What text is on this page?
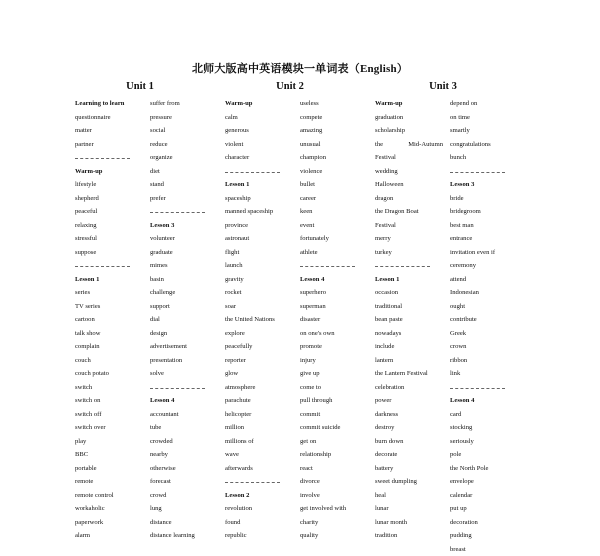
北师大版高中英语模块一单词表（English）
Unit 1	Unit 2	Unit 3
Learning to learn
questionnaire
matter
partner
Warm-up
lifestyle
shepherd
peaceful
relaxing
stressful
suppose
Lesson 1
series
TV series
cartoon
talk show
complain
couch
couch potato
switch
switch on
switch off
switch over
play
BBC
portable
remote
remote control
workaholic
paperwork
alarm
suffer from
pressure
social
reduce
organize
diet
stand
prefer
Lesson 3
volunteer
graduate
mimes
basin
challenge
support
dial
design
advertisement
presentation
solve
Lesson 4
accountant
tube
crowded
nearby
otherwise
forecast
crowd
lung
distance
distance learning
Warm-up
calm
generous
violent
character
Lesson 1
spaceship
manned spaceship
province
astronaut
flight
launch
gravity
rocket
soar
the United Nations
explore
peacefully
reporter
glow
atmosphere
parachute
helicopter
million
millions of
wave
afterwards
Lesson 2
revolution
found
republic
useless
compete
amazing
unusual
champion
violence
bullet
career
keen
event
fortunately
athlete
Lesson 4
superhero
superman
disaster
on one's own
promote
injury
give up
come to
pull through
commit
commit suicide
get on
relationship
react
divorce
involve
get involved with
charity
quality
Warm-up
graduation
scholarship
the	Mid-Autumn
Festival
wedding
Halloween
dragon
the Dragon Boat
Festival
merry
turkey
Lesson 1
occasion
traditional
bean paste
nowadays
include
lantern
the Lantern Festival
celebration
power
darkness
destroy
burn down
decorate
battery
sweet dumpling
heal
lunar
lunar month
tradition
depend on
on time
smartly
congratulations
bunch
Lesson 3
bride
bridegroom
best man
entrance
invitation even if
ceremony
attend
Indonesian
ought
contribute
Greek
crown
ribbon
link
Lesson 4
card
stocking
seriously
pole
the North Pole
envelope
calendar
put up
decoration
pudding
breast
